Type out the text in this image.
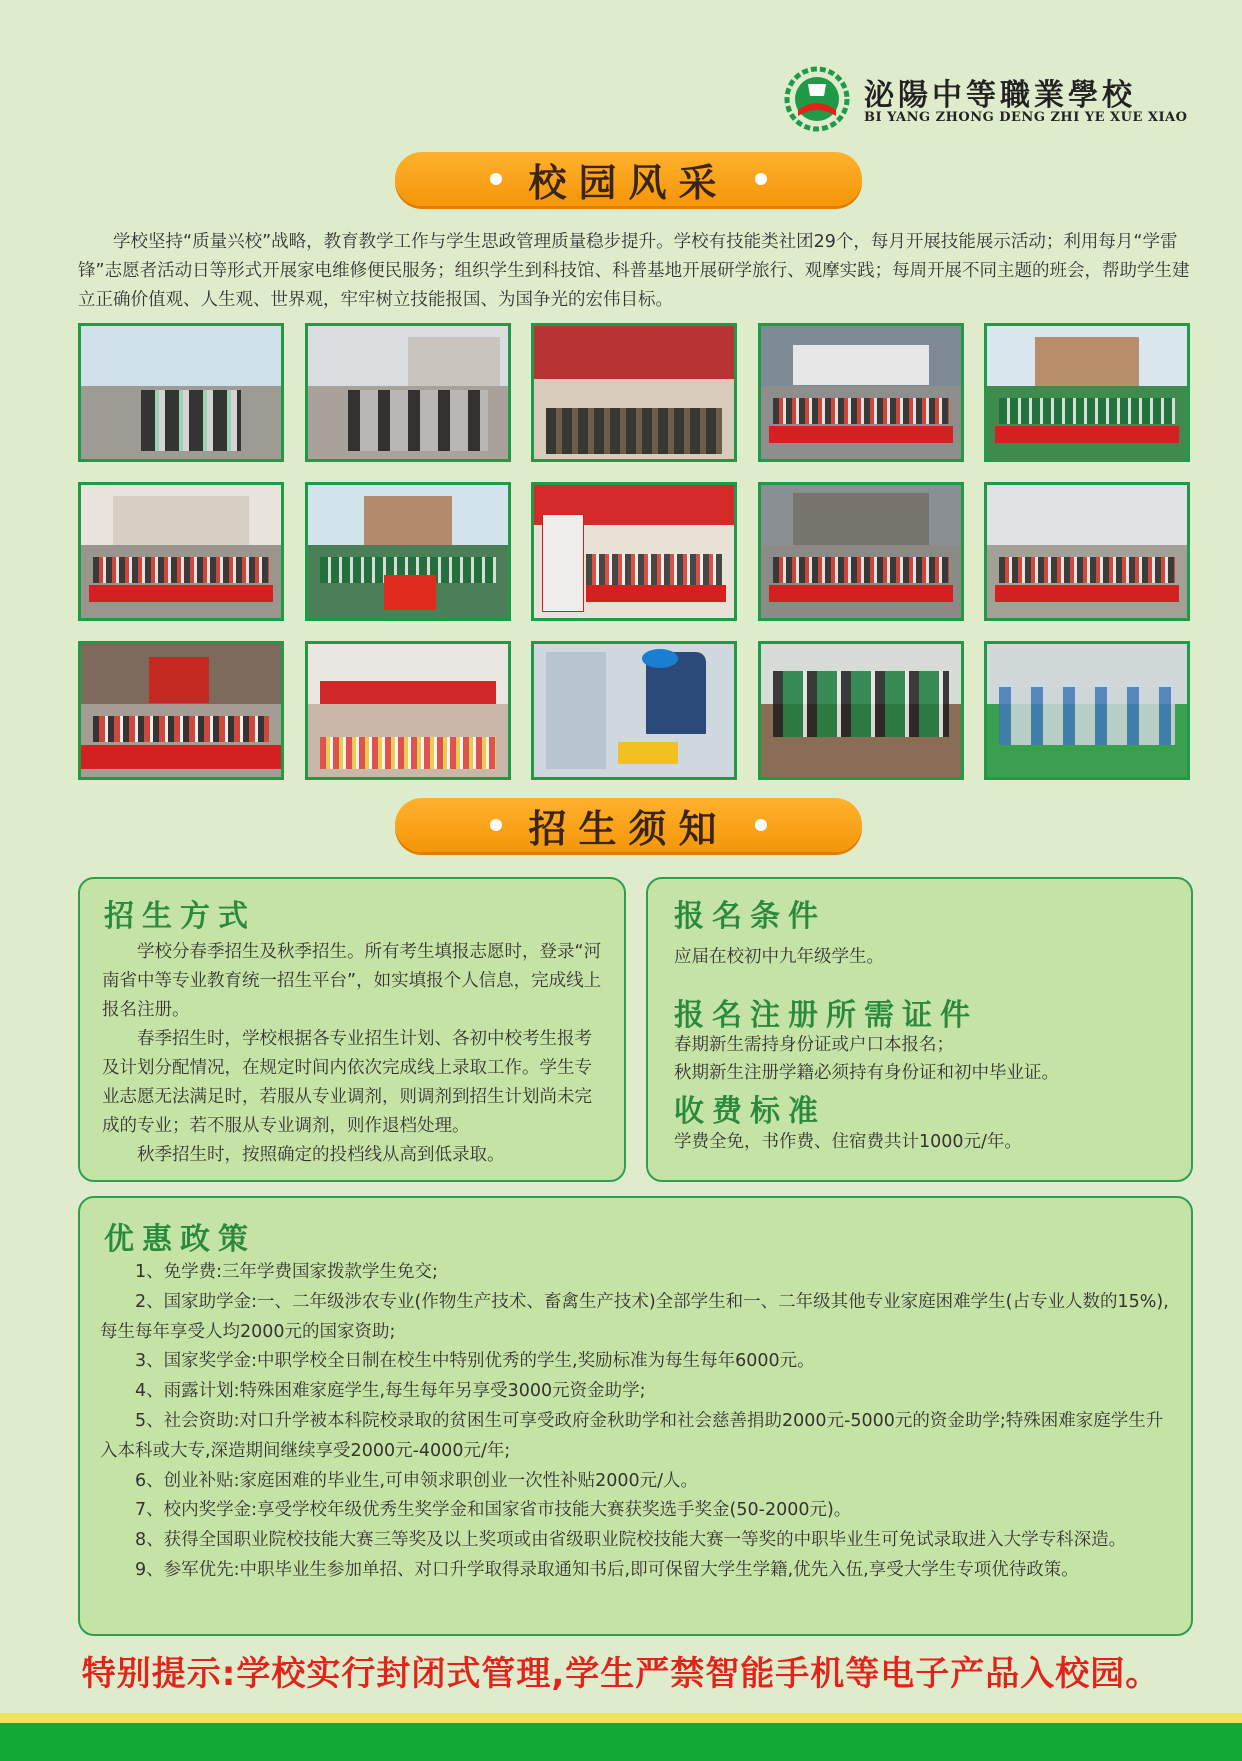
泌陽中等職業學校
BI YANG ZHONG DENG ZHI YE XUE XIAO
校园风采
学校坚持“质量兴校”战略，教育教学工作与学生思政管理质量稳步提升。学校有技能类社团29个，每月开展技能展示活动；利用每月“学雷锋”志愿者活动日等形式开展家电维修便民服务；组织学生到科技馆、科普基地开展研学旅行、观摩实践；每周开展不同主题的班会，帮助学生建立正确价值观、人生观、世界观，牢牢树立技能报国、为国争光的宏伟目标。
招生须知
招生方式

学校分春季招生及秋季招生。所有考生填报志愿时，登录“河南省中等专业教育统一招生平台”，如实填报个人信息，完成线上报名注册。

春季招生时，学校根据各专业招生计划、各初中校考生报考及计划分配情况，在规定时间内依次完成线上录取工作。学生专业志愿无法满足时，若服从专业调剂，则调剂到招生计划尚未完成的专业；若不服从专业调剂，则作退档处理。

秋季招生时，按照确定的投档线从高到低录取。

报名条件
应届在校初中九年级学生。
报名注册所需证件
春期新生需持身份证或户口本报名；
秋期新生注册学籍必须持有身份证和初中毕业证。
收费标准
学费全免，书作费、住宿费共计1000元/年。
优惠政策

1、免学费:三年学费国家拨款学生免交;

2、国家助学金:一、二年级涉农专业(作物生产技术、畜禽生产技术)全部学生和一、二年级其他专业家庭困难学生(占专业人数的15%),每生每年享受人均2000元的国家资助;

3、国家奖学金:中职学校全日制在校生中特别优秀的学生,奖励标准为每生每年6000元。

4、雨露计划:特殊困难家庭学生,每生每年另享受3000元资金助学;

5、社会资助:对口升学被本科院校录取的贫困生可享受政府金秋助学和社会慈善捐助2000元-5000元的资金助学;特殊困难家庭学生升入本科或大专,深造期间继续享受2000元-4000元/年;

6、创业补贴:家庭困难的毕业生,可申领求职创业一次性补贴2000元/人。

7、校内奖学金:享受学校年级优秀生奖学金和国家省市技能大赛获奖选手奖金(50-2000元)。

8、获得全国职业院校技能大赛三等奖及以上奖项或由省级职业院校技能大赛一等奖的中职毕业生可免试录取进入大学专科深造。

9、参军优先:中职毕业生参加单招、对口升学取得录取通知书后,即可保留大学生学籍,优先入伍,享受大学生专项优待政策。

特别提示:学校实行封闭式管理,学生严禁智能手机等电子产品入校园。
